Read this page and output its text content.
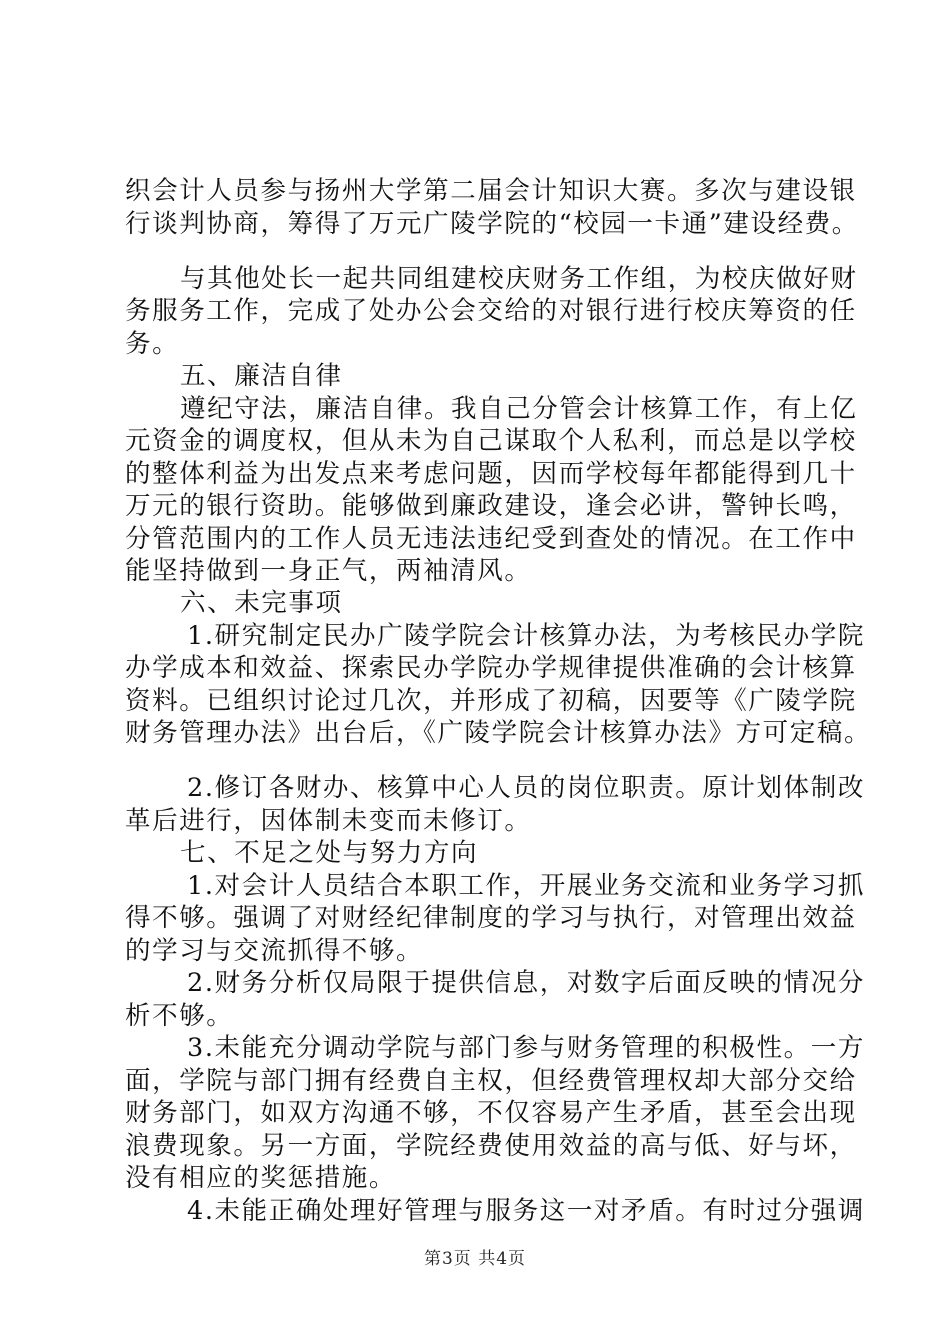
织会计人员参与扬州大学第二届会计知识大赛。多次与建设银
行谈判协商，筹得了万元广陵学院的“校园一卡通”建设经费。
与其他处长一起共同组建校庆财务工作组，为校庆做好财
务服务工作，完成了处办公会交给的对银行进行校庆筹资的任
务。
五、廉洁自律
遵纪守法，廉洁自律。我自己分管会计核算工作，有上亿
元资金的调度权，但从未为自己谋取个人私利，而总是以学校
的整体利益为出发点来考虑问题，因而学校每年都能得到几十
万元的银行资助。能够做到廉政建设，逢会必讲，警钟长鸣，
分管范围内的工作人员无违法违纪受到查处的情况。在工作中
能坚持做到一身正气，两袖清风。
六、未完事项
1.研究制定民办广陵学院会计核算办法，为考核民办学院
办学成本和效益、探索民办学院办学规律提供准确的会计核算
资料。已组织讨论过几次，并形成了初稿，因要等《广陵学院
财务管理办法》出台后，《广陵学院会计核算办法》方可定稿。
2.修订各财办、核算中心人员的岗位职责。原计划体制改
革后进行，因体制未变而未修订。
七、不足之处与努力方向
1.对会计人员结合本职工作，开展业务交流和业务学习抓
得不够。强调了对财经纪律制度的学习与执行，对管理出效益
的学习与交流抓得不够。
2.财务分析仅局限于提供信息，对数字后面反映的情况分
析不够。
3.未能充分调动学院与部门参与财务管理的积极性。一方
面，学院与部门拥有经费自主权，但经费管理权却大部分交给
财务部门，如双方沟通不够，不仅容易产生矛盾，甚至会出现
浪费现象。另一方面，学院经费使用效益的高与低、好与坏，
没有相应的奖惩措施。
4.未能正确处理好管理与服务这一对矛盾。有时过分强调
第3页 共4页
